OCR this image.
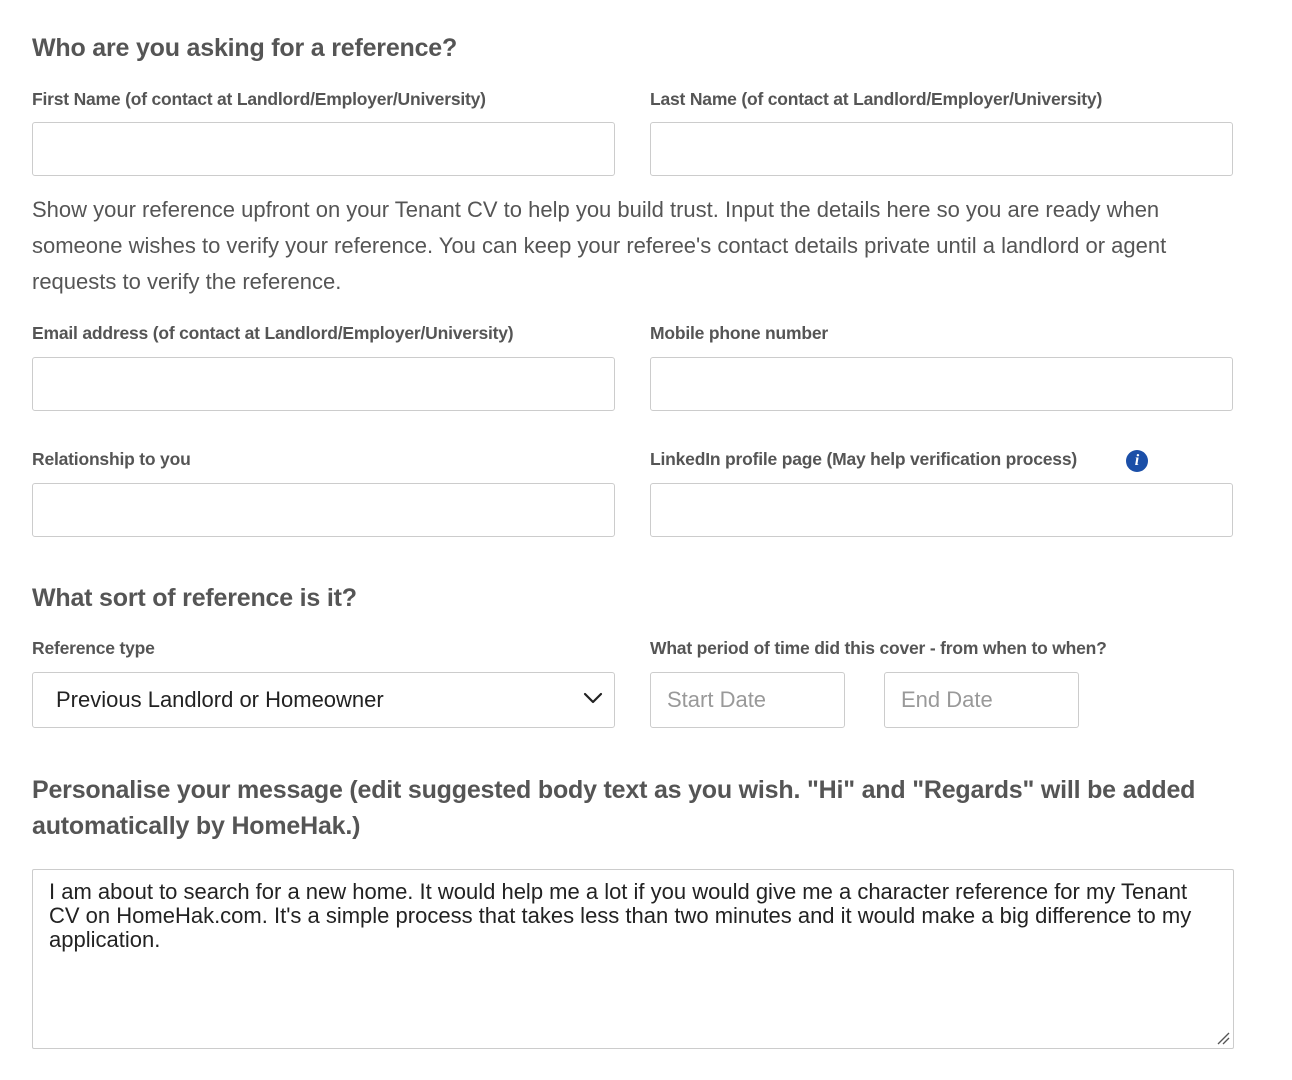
Who are you asking for a reference?
First Name (of contact at Landlord/Employer/University)	Last Name (of contact at Landlord/Employer/University)

Show your reference upfront on your Tenant CV to help you build trust. Input the details here so you are ready when someone wishes to verify your reference. You can keep your referee's contact details private until a landlord or agent requests to verify the reference.

Email address (of contact at Landlord/Employer/University)	Mobile phone number
Relationship to you	LinkedIn profile page (May help verification process)	i
What sort of reference is it?
Reference type
Previous Landlord or Homeowner
What period of time did this cover - from when to when?
Start Date
End Date
Personalise your message (edit suggested body text as you wish. "Hi" and "Regards" will be added automatically by HomeHak.)
I am about to search for a new home. It would help me a lot if you would give me a character reference for my Tenant CV on HomeHak.com. It's a simple process that takes less than two minutes and it would make a big difference to my application.
